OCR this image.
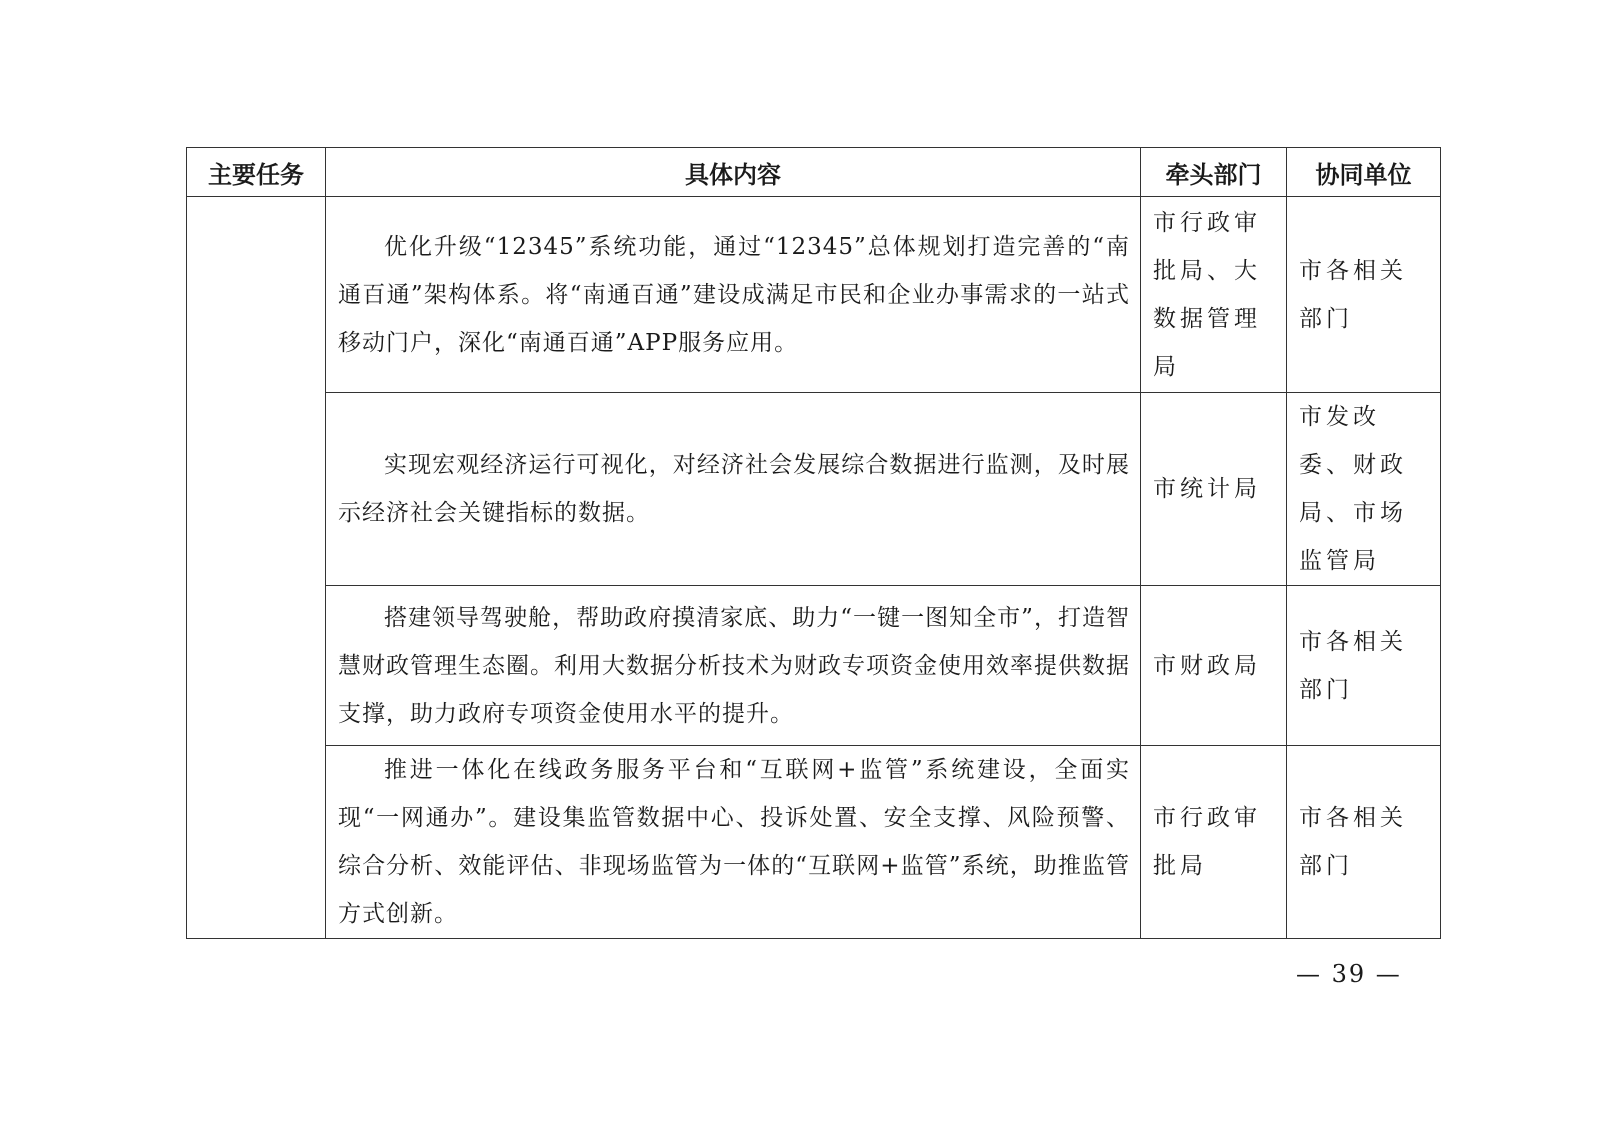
主要任务	具体内容	牵头部门	协同单位
	优化升级“12345”系统功能，通过“12345”总体规划打造完善的“南通百通”架构体系。将“南通百通”建设成满足市民和企业办事需求的一站式移动门户，深化“南通百通”APP服务应用。	市行政审批局、大数据管理局	市各相关部门
	实现宏观经济运行可视化，对经济社会发展综合数据进行监测，及时展示经济社会关键指标的数据。	市统计局	市发改委、财政局、市场监管局
	搭建领导驾驶舱，帮助政府摸清家底、助力“一键一图知全市”，打造智慧财政管理生态圈。利用大数据分析技术为财政专项资金使用效率提供数据支撑，助力政府专项资金使用水平的提升。	市财政局	市各相关部门
	推进一体化在线政务服务平台和“互联网+监管”系统建设，全面实现“一网通办”。建设集监管数据中心、投诉处置、安全支撑、风险预警、综合分析、效能评估、非现场监管为一体的“互联网+监管”系统，助推监管方式创新。	市行政审批局	市各相关部门
— 39 —
